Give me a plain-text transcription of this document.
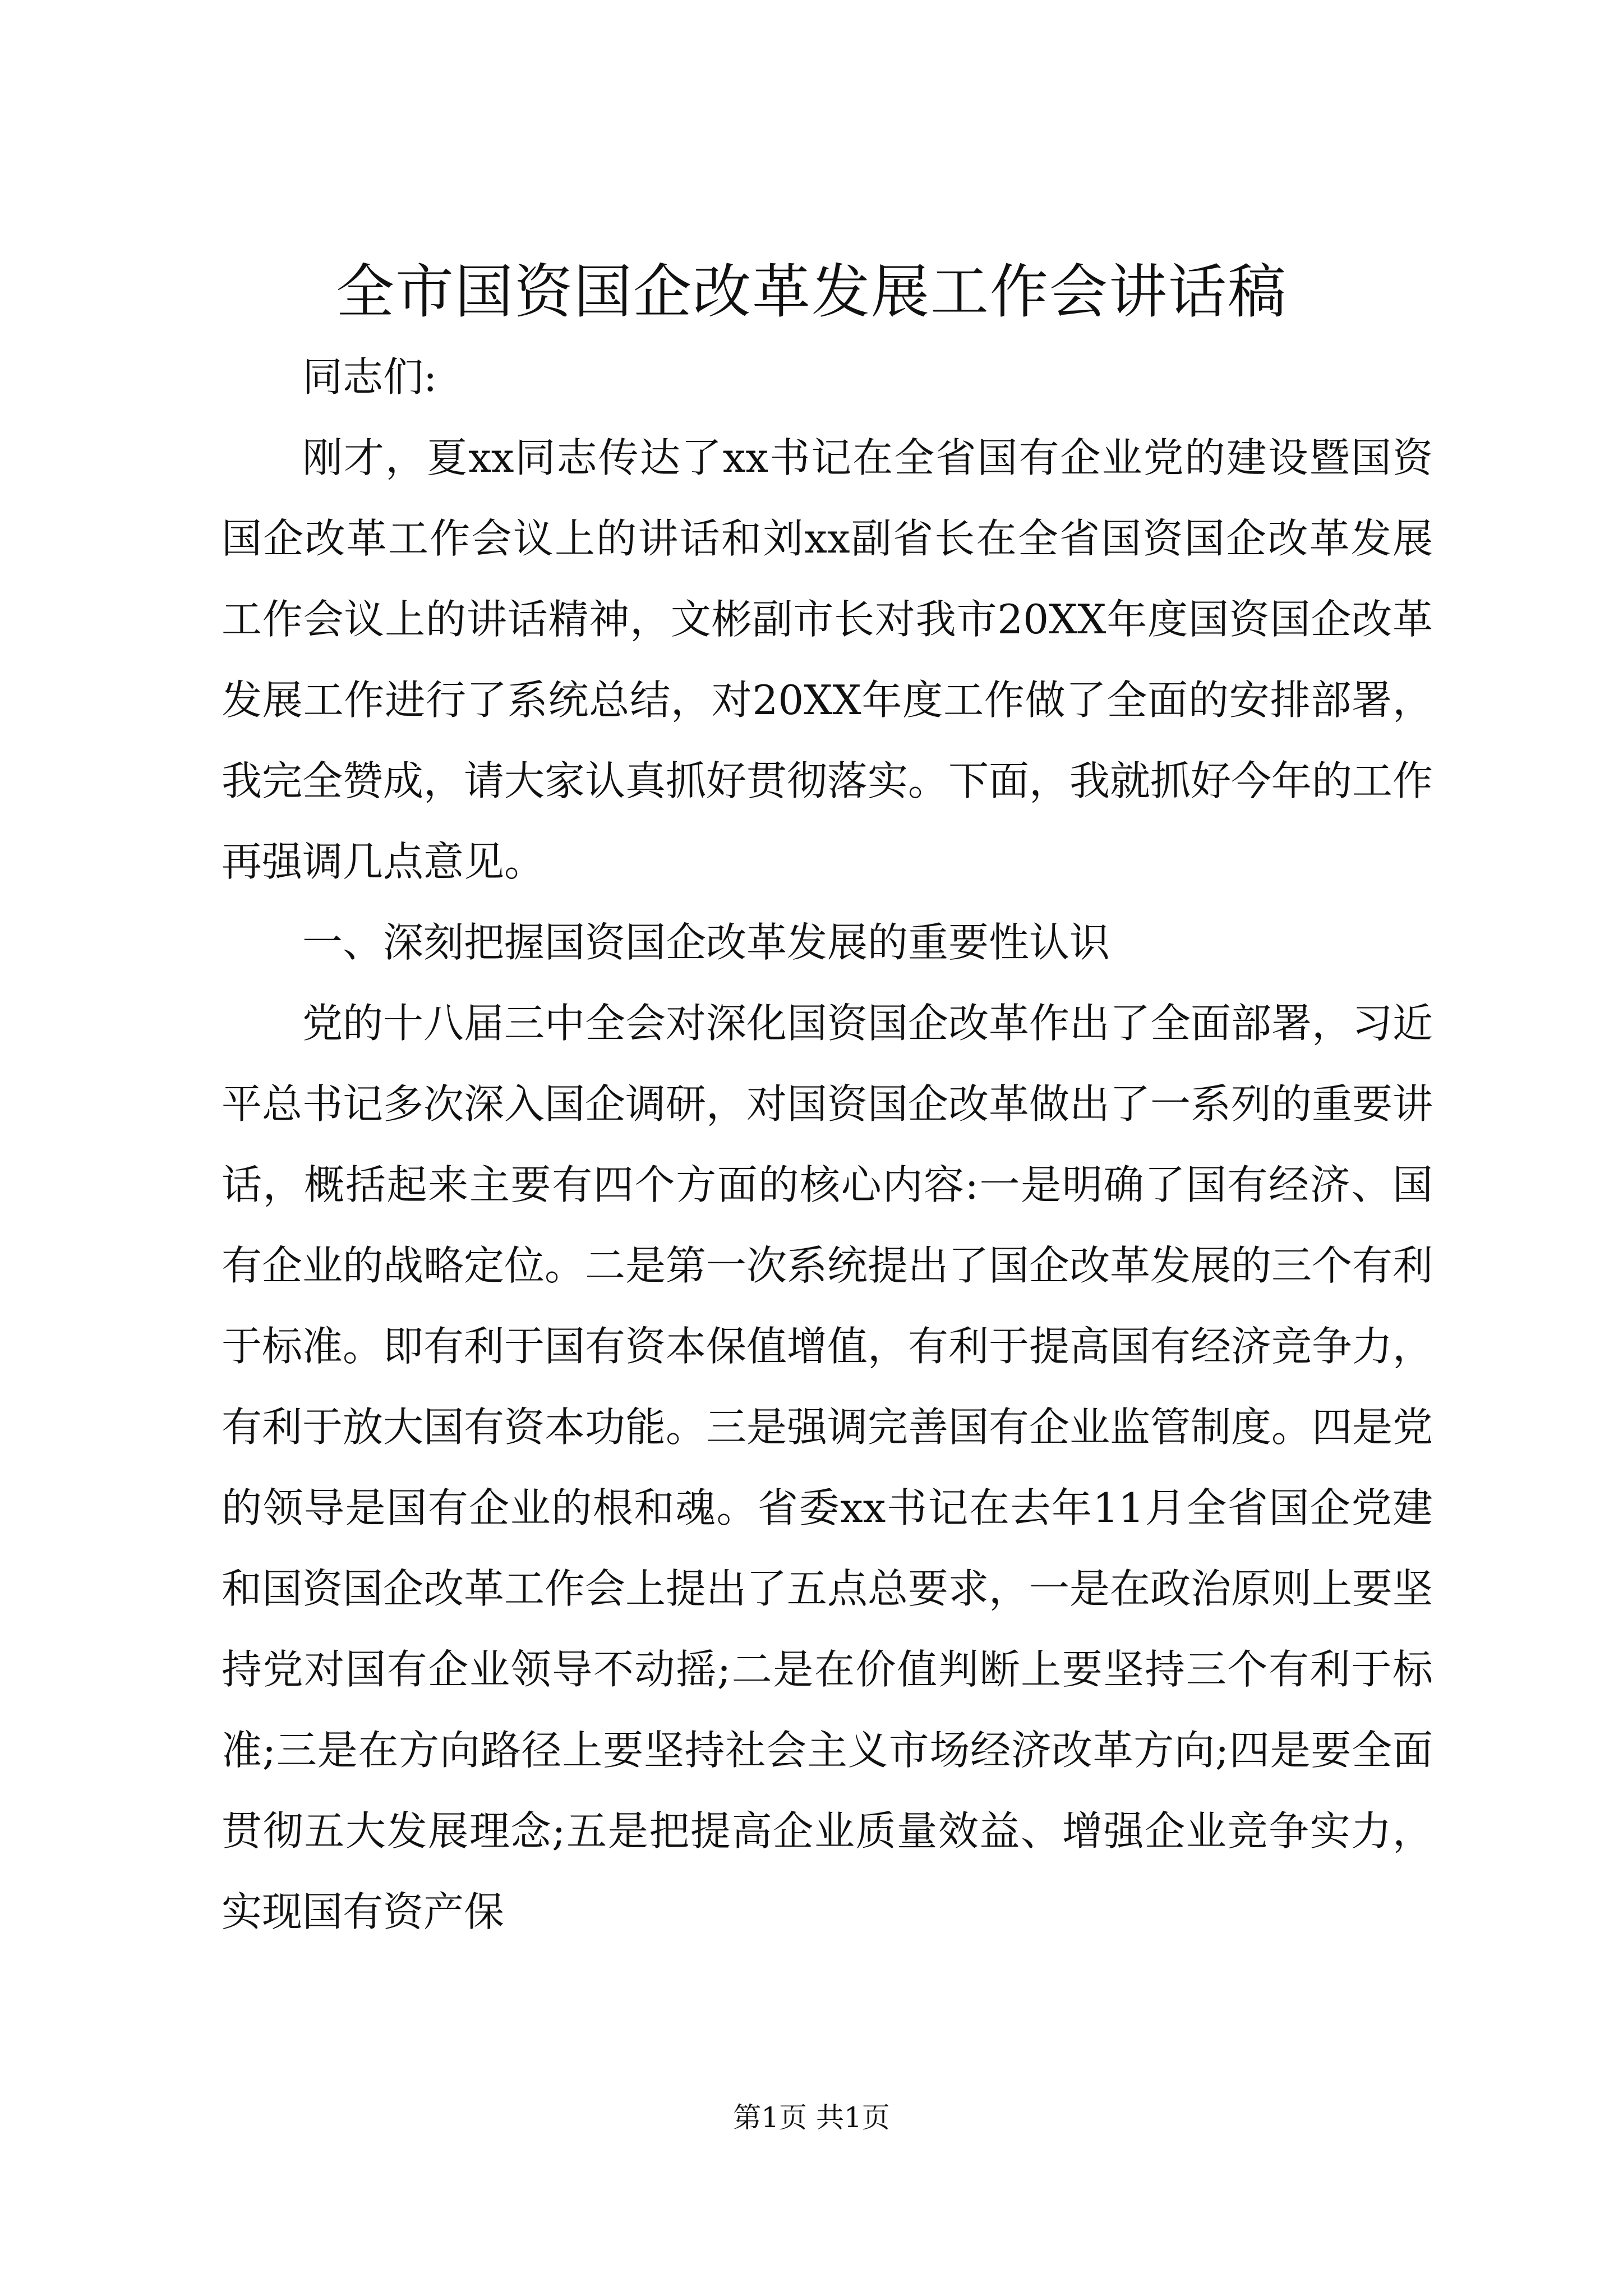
全市国资国企改革发展工作会讲话稿

同志们:

刚才，夏xx同志传达了xx书记在全省国有企业党的建设暨国资国企改革工作会议上的讲话和刘xx副省长在全省国资国企改革发展工作会议上的讲话精神，文彬副市长对我市20XX年度国资国企改革发展工作进行了系统总结，对20XX年度工作做了全面的安排部署，我完全赞成，请大家认真抓好贯彻落实。下面，我就抓好今年的工作再强调几点意见。

一、深刻把握国资国企改革发展的重要性认识

党的十八届三中全会对深化国资国企改革作出了全面部署，习近平总书记多次深入国企调研，对国资国企改革做出了一系列的重要讲话，概括起来主要有四个方面的核心内容:一是明确了国有经济、国有企业的战略定位。二是第一次系统提出了国企改革发展的三个有利于标准。即有利于国有资本保值增值，有利于提高国有经济竞争力，有利于放大国有资本功能。三是强调完善国有企业监管制度。四是党的领导是国有企业的根和魂。省委xx书记在去年11月全省国企党建和国资国企改革工作会上提出了五点总要求，一是在政治原则上要坚持党对国有企业领导不动摇;二是在价值判断上要坚持三个有利于标准;三是在方向路径上要坚持社会主义市场经济改革方向;四是要全面贯彻五大发展理念;五是把提高企业质量效益、增强企业竞争实力，实现国有资产保

第1页 共1页
